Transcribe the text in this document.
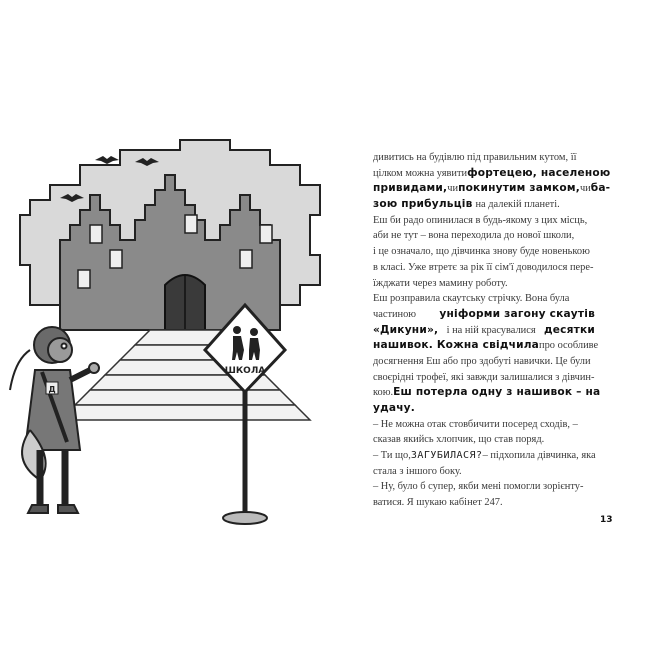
ШКОЛА
Д
дивитись на будівлю під правильним кутом, її
цілком можна уявити фортецею, населеною
привидами, чи покинутим замком, чи ба-
зою прибульців на далекій планеті.
Еш би радо опинилася в будь-якому з цих місць,
аби не тут – вона переходила до нової школи,
і це означало, що дівчинка знову буде новенькою
в класі. Уже втретє за рік її сім'ї доводилося пере-
їжджати через мамину роботу.
Еш розправила скаутську стрічку. Вона була
частиною уніформи загону скаутів
«Дикуни», і на ній красувалися десятки
нашивок. Кожна свідчила про особливе
досягнення Еш або про здобуті навички. Це були
своєрідні трофеї, які завжди залишалися з дівчин-
кою. Еш потерла одну з нашивок – на
удачу.
– Не можна отак стовбичити посеред сходів, –
сказав якийсь хлопчик, що став поряд.
– Ти що, ЗАГУБИЛАСЯ? – підхопила дівчинка, яка
стала з іншого боку.
– Ну, було б супер, якби мені помогли зорієнту-
ватися. Я шукаю кабінет 247.
13
